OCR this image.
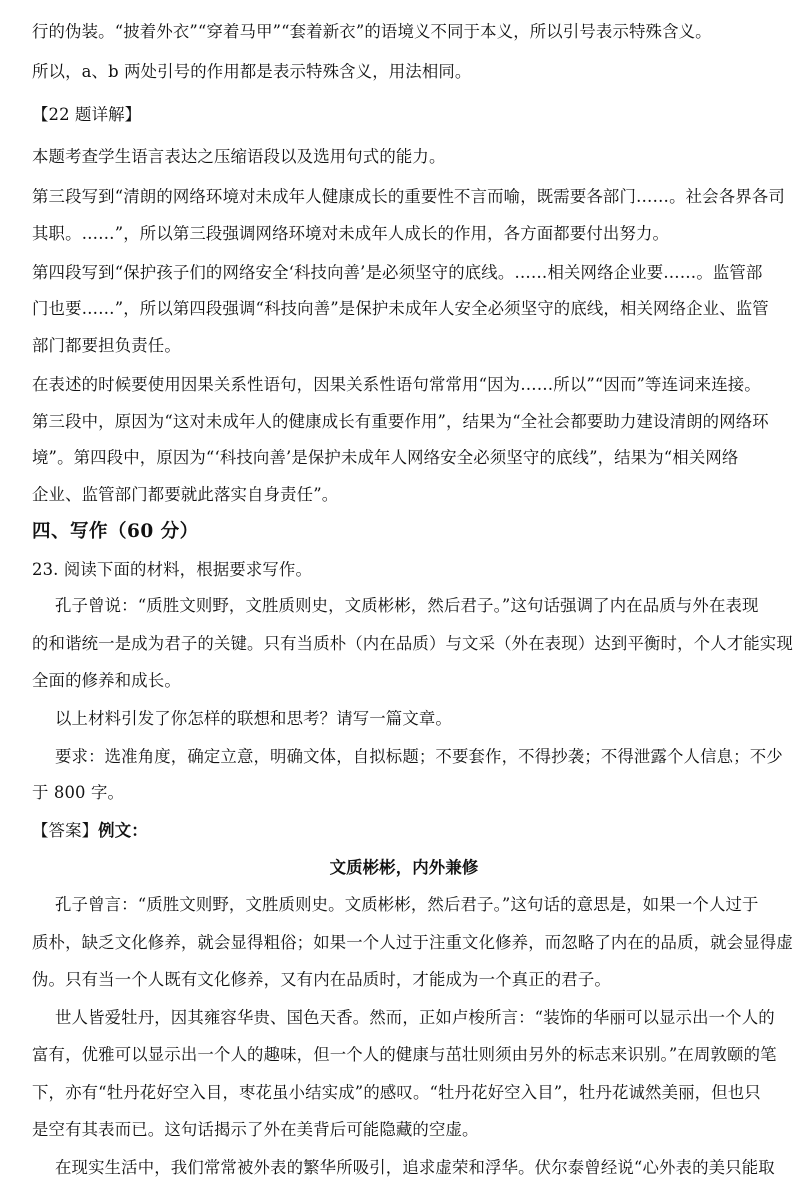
行的伪装。“披着外衣”“穿着马甲”“套着新衣”的语境义不同于本义，所以引号表示特殊含义。
所以，a、b 两处引号的作用都是表示特殊含义，用法相同。
【22 题详解】
本题考查学生语言表达之压缩语段以及选用句式的能力。
第三段写到“清朗的网络环境对未成年人健康成长的重要性不言而喻，既需要各部门……。社会各界各司
其职。……”，所以第三段强调网络环境对未成年人成长的作用，各方面都要付出努力。
第四段写到“保护孩子们的网络安全‘科技向善’是必须坚守的底线。……相关网络企业要……。监管部
门也要……”，所以第四段强调“科技向善”是保护未成年人安全必须坚守的底线，相关网络企业、监管
部门都要担负责任。
在表述的时候要使用因果关系性语句，因果关系性语句常常用“因为……所以”“因而”等连词来连接。
第三段中，原因为“这对未成年人的健康成长有重要作用”，结果为“全社会都要助力建设清朗的网络环
境”。第四段中，原因为“‘科技向善’是保护未成年人网络安全必须坚守的底线”，结果为“相关网络
企业、监管部门都要就此落实自身责任”。
四、写作（60 分）
23. 阅读下面的材料，根据要求写作。
孔子曾说：“质胜文则野，文胜质则史，文质彬彬，然后君子。”这句话强调了内在品质与外在表现
的和谐统一是成为君子的关键。只有当质朴（内在品质）与文采（外在表现）达到平衡时，个人才能实现
全面的修养和成长。
以上材料引发了你怎样的联想和思考？请写一篇文章。
要求：选准角度，确定立意，明确文体，自拟标题；不要套作，不得抄袭；不得泄露个人信息；不少
于 800 字。
【答案】例文：
文质彬彬，内外兼修
孔子曾言：“质胜文则野，文胜质则史。文质彬彬，然后君子。”这句话的意思是，如果一个人过于
质朴，缺乏文化修养，就会显得粗俗；如果一个人过于注重文化修养，而忽略了内在的品质，就会显得虚
伪。只有当一个人既有文化修养，又有内在品质时，才能成为一个真正的君子。
世人皆爱牡丹，因其雍容华贵、国色天香。然而，正如卢梭所言：“装饰的华丽可以显示出一个人的
富有，优雅可以显示出一个人的趣味，但一个人的健康与茁壮则须由另外的标志来识别。”在周敦颐的笔
下，亦有“牡丹花好空入目，枣花虽小结实成”的感叹。“牡丹花好空入目”，牡丹花诚然美丽，但也只
是空有其表而已。这句话揭示了外在美背后可能隐藏的空虚。
在现实生活中，我们常常被外表的繁华所吸引，追求虚荣和浮华。伏尔泰曾经说“心外表的美只能取
